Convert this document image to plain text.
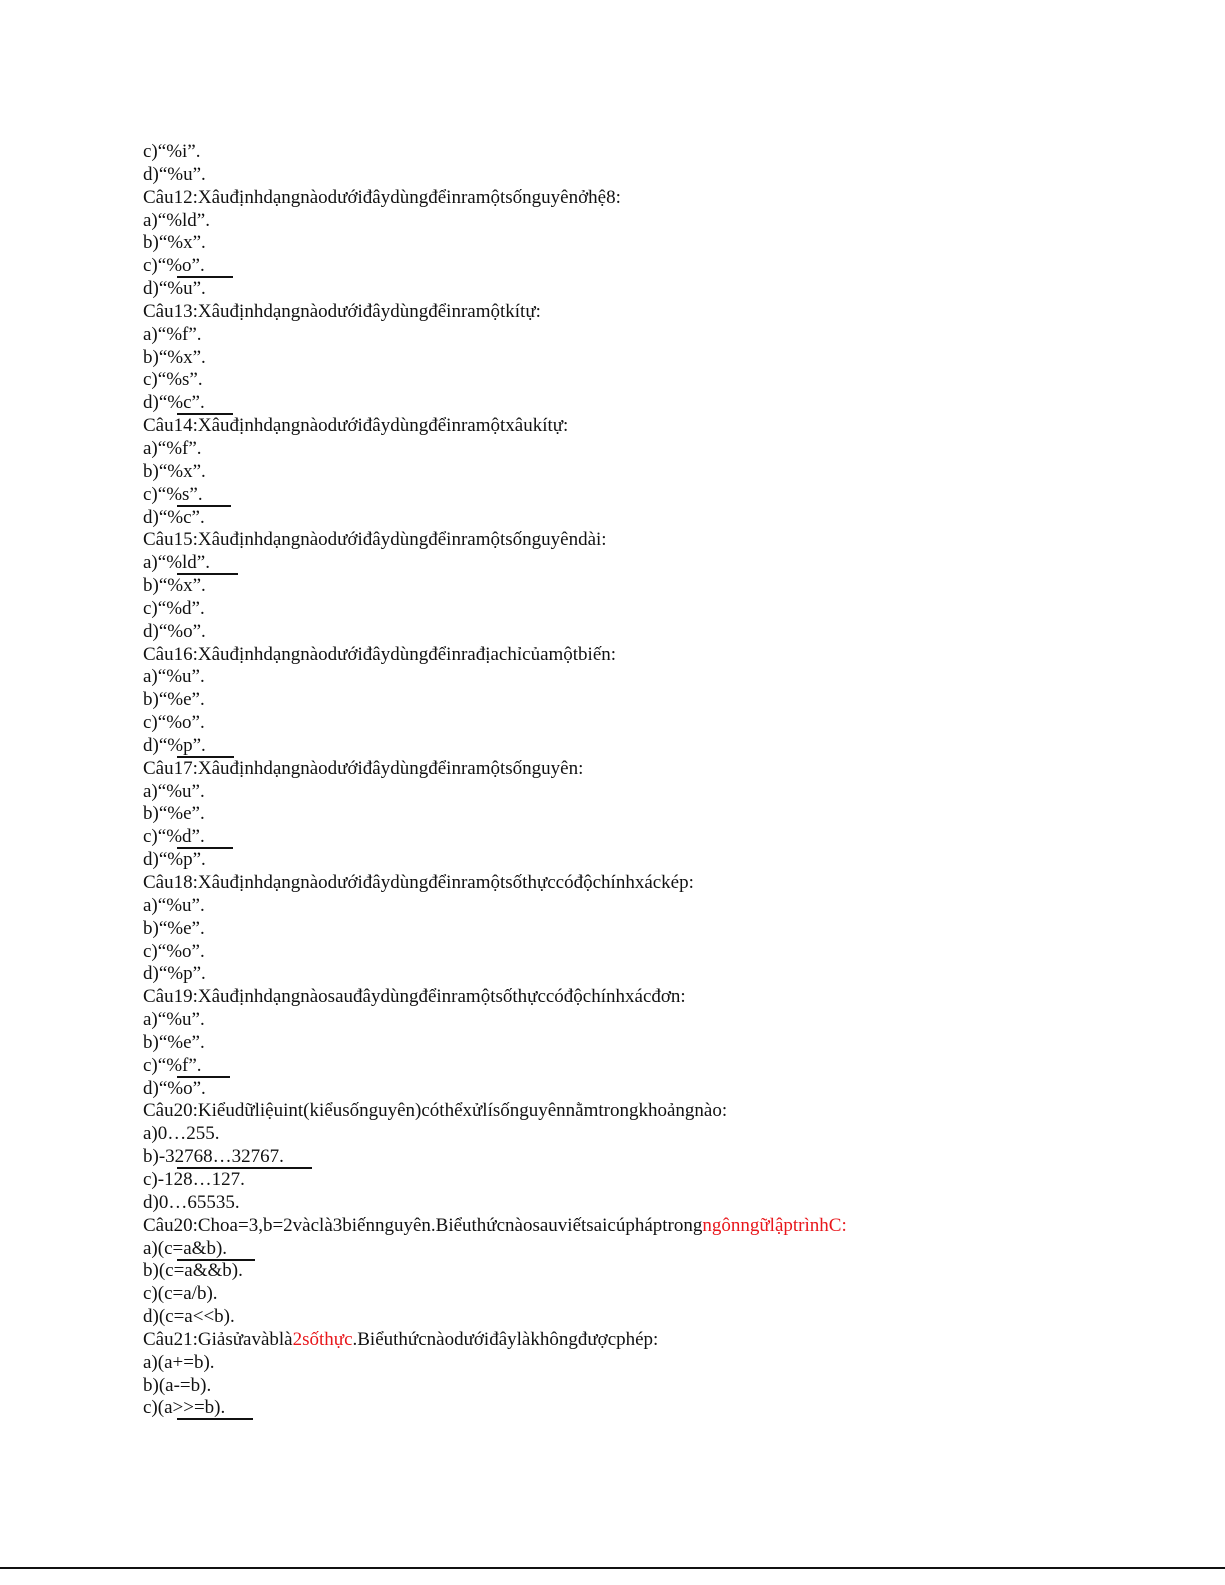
c)“%i”.
d)“%u”.
Câu12:Xâuđịnhdạngnàodướiđâydùngđểinramộtsốnguyênởhệ8:
a)“%ld”.
b)“%x”.
c)“%o”.
d)“%u”.
Câu13:Xâuđịnhdạngnàodướiđâydùngđểinramộtkítự:
a)“%f”.
b)“%x”.
c)“%s”.
d)“%c”.
Câu14:Xâuđịnhdạngnàodướiđâydùngđểinramộtxâukítự:
a)“%f”.
b)“%x”.
c)“%s”.
d)“%c”.
Câu15:Xâuđịnhdạngnàodướiđâydùngđểinramộtsốnguyêndài:
a)“%ld”.
b)“%x”.
c)“%d”.
d)“%o”.
Câu16:Xâuđịnhdạngnàodướiđâydùngđểinrađịachỉcủamộtbiến:
a)“%u”.
b)“%e”.
c)“%o”.
d)“%p”.
Câu17:Xâuđịnhdạngnàodướiđâydùngđểinramộtsốnguyên:
a)“%u”.
b)“%e”.
c)“%d”.
d)“%p”.
Câu18:Xâuđịnhdạngnàodướiđâydùngđểinramộtsốthựccóđộchínhxáckép:
a)“%u”.
b)“%e”.
c)“%o”.
d)“%p”.
Câu19:Xâuđịnhdạngnàosauđâydùngđểinramộtsốthựccóđộchínhxácđơn:
a)“%u”.
b)“%e”.
c)“%f”.
d)“%o”.
Câu20:Kiểudữliệuint(kiểusốnguyên)cóthểxửlísốnguyênnằmtrongkhoảngnào:
a)0…255.
b)-32768…32767.
c)-128…127.
d)0…65535.
Câu20:Choa=3,b=2vàclà3biếnnguyên.BiểuthứcnàosauviếtsaicúpháptrongngônngữlậptrìnhC:
a)(c=a&b).
b)(c=a&&b).
c)(c=a/b).
d)(c=a<<b).
Câu21:Giảsửavàblà2sốthực.Biểuthứcnàodướiđâylàkhôngđượcphép:
a)(a+=b).
b)(a-=b).
c)(a>>=b).
